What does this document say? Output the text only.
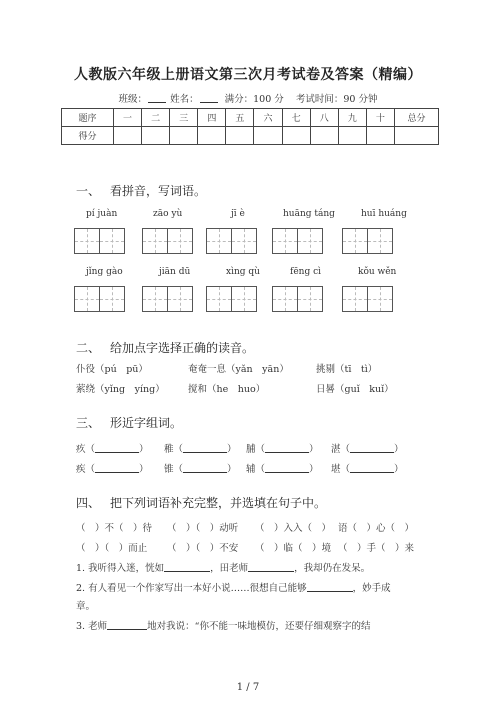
人教版六年级上册语文第三次月考试卷及答案（精编）
班级： 姓名：	满分：100 分 考试时间：90 分钟
题序	一	二	三	四	五	六	七	八	九	十	总分
得分											
一、 看拼音，写词语。
pí juàn	zāo yù	jī è	huāng táng	huī huáng
jǐng gào	jiān dū	xìng qù	fēng cì	kǒu wěn
二、 给加点字选择正确的读音。
仆役（pú　pū）	奄奄一息（yǎn　yān）	挑剔（tī　tì）
萦绕（yǐng　yíng） 搅和（he　huo）	日晷（guǐ　kuǐ）
三、 形近字组词。
疚（	） 稚（	） 脯（	） 湛（	）
疾（	） 锥（	） 辅（	） 堪（	）
四、 把下列词语补充完整，并选填在句子中。
（　）不（　）待 （　）（　）动听 （　）入入（　） 语（　）心（　）
（　）（　）而止 （　）（　）不安 （　）临（　）境 （　）手（　）来
1. 我听得入迷，恍如	，田老师	，我却仍在发呆。
2. 有人看见一个作家写出一本好小说……很想自己能够	，妙手成
章。
3. 老师	地对我说：“你不能一味地模仿，还要仔细观察字的结
1 / 7
